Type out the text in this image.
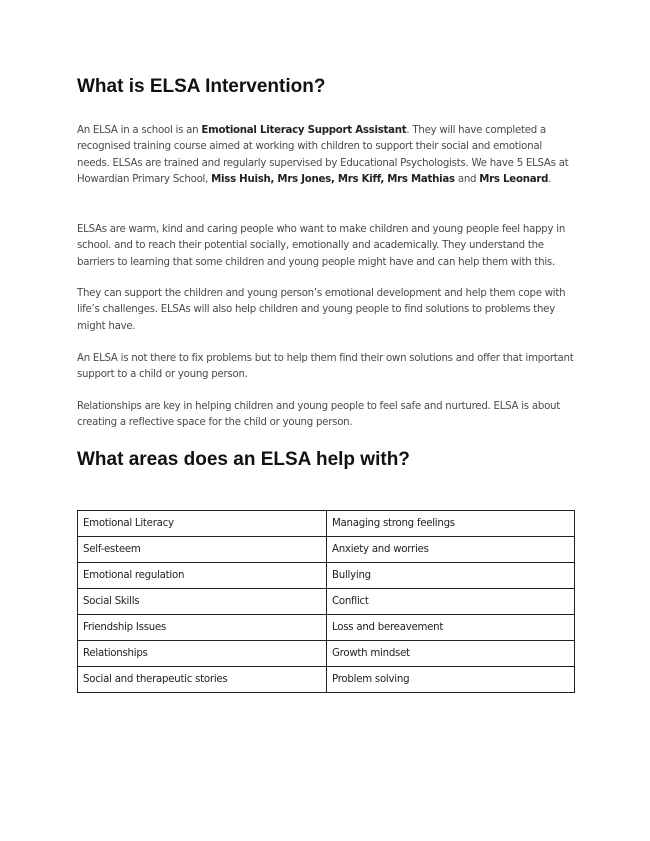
What is ELSA Intervention?

An ELSA in a school is an Emotional Literacy Support Assistant. They will have completed a recognised training course aimed at working with children to support their social and emotional needs. ELSAs are trained and regularly supervised by Educational Psychologists. We have 5 ELSAs at Howardian Primary School, Miss Huish, Mrs Jones, Mrs Kiff, Mrs Mathias and Mrs Leonard.

ELSAs are warm, kind and caring people who want to make children and young people feel happy in school. and to reach their potential socially, emotionally and academically. They understand the barriers to learning that some children and young people might have and can help them with this.

They can support the children and young person’s emotional development and help them cope with life’s challenges. ELSAs will also help children and young people to find solutions to problems they might have.

An ELSA is not there to fix problems but to help them find their own solutions and offer that important support to a child or young person.

Relationships are key in helping children and young people to feel safe and nurtured. ELSA is about creating a reflective space for the child or young person.

What areas does an ELSA help with?
Emotional Literacy	Managing strong feelings
Self-esteem	Anxiety and worries
Emotional regulation	Bullying
Social Skills	Conflict
Friendship Issues	Loss and bereavement
Relationships	Growth mindset
Social and therapeutic stories	Problem solving
